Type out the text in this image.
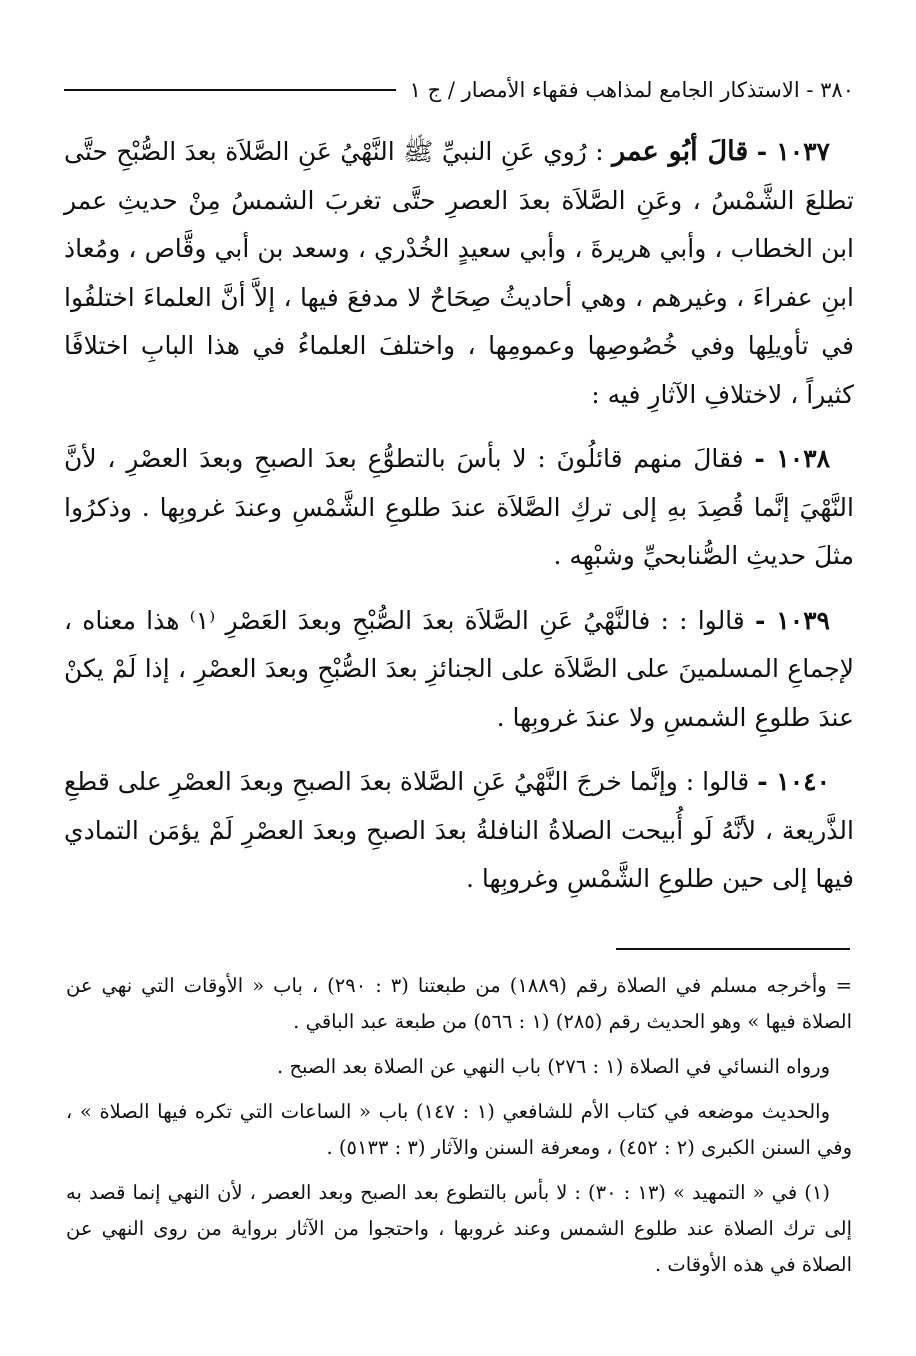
٣٨٠ - الاستذكار الجامع لمذاهب فقهاء الأمصار / ج ١

١٠٣٧ - قالَ أبُو عمر : رُوي عَنِ النبيِّ ﷺ النَّهْيُ عَنِ الصَّلاَة بعدَ الصُّبْحِ حتَّى تطلعَ الشَّمْسُ ، وعَنِ الصَّلاَة بعدَ العصرِ حتَّى تغربَ الشمسُ مِنْ حديثِ عمر ابن الخطاب ، وأبي هريرةَ ، وأبي سعيدٍ الخُدْري ، وسعد بن أبي وقَّاص ، ومُعاذ ابنِ عفراءَ ، وغيرهم ، وهي أحاديثُ صِحَاحٌ لا مدفعَ فيها ، إلاَّ أنَّ العلماءَ اختلفُوا في تأويلِها وفي خُصُوصِها وعمومِها ، واختلفَ العلماءُ في هذا البابِ اختلافًا كثيراً ، لاختلافِ الآثارِ فيه :

١٠٣٨ - فقالَ منهم قائلُونَ : لا بأسَ بالتطوُّعِ بعدَ الصبحِ وبعدَ العصْرِ ، لأنَّ النَّهْيَ إنَّما قُصِدَ بهِ إلى تركِ الصَّلاَة عندَ طلوعِ الشَّمْسِ وعندَ غروبِها . وذكرُوا مثلَ حديثِ الصُّنابحيِّ وشبْهِه .

١٠٣٩ - قالوا : : فالنَّهْيُ عَنِ الصَّلاَة بعدَ الصُّبْحِ وبعدَ العَصْرِ ⁽١⁾ هذا معناه ، لإجماعِ المسلمينَ على الصَّلاَة على الجنائزِ بعدَ الصُّبْحِ وبعدَ العصْرِ ، إذا لَمْ يكنْ عندَ طلوعِ الشمسِ ولا عندَ غروبِها .

١٠٤٠ - قالوا : وإنَّما خرجَ النَّهْيُ عَنِ الصَّلاة بعدَ الصبحِ وبعدَ العصْرِ على قطعِ الذَّريعة ، لأنَّهُ لَو أُبيحت الصلاةُ النافلةُ بعدَ الصبحِ وبعدَ العصْرِ لَمْ يؤمَن التمادي فيها إلى حين طلوعِ الشَّمْسِ وغروبِها .

= وأخرجه مسلم في الصلاة رقم (١٨٨٩) من طبعتنا (٣ : ٢٩٠) ، باب « الأوقات التي نهي عن الصلاة فيها » وهو الحديث رقم (٢٨٥) (١ : ٥٦٦) من طبعة عبد الباقي .

ورواه النسائي في الصلاة (١ : ٢٧٦) باب النهي عن الصلاة بعد الصبح .

والحديث موضعه في كتاب الأم للشافعي (١ : ١٤٧) باب « الساعات التي تكره فيها الصلاة » ، وفي السنن الكبرى (٢ : ٤٥٢) ، ومعرفة السنن والآثار (٣ : ٥١٣٣) .

(١) في « التمهيد » (١٣ : ٣٠) : لا بأس بالتطوع بعد الصبح وبعد العصر ، لأن النهي إنما قصد به إلى ترك الصلاة عند طلوع الشمس وعند غروبها ، واحتجوا من الآثار برواية من روى النهي عن الصلاة في هذه الأوقات .
